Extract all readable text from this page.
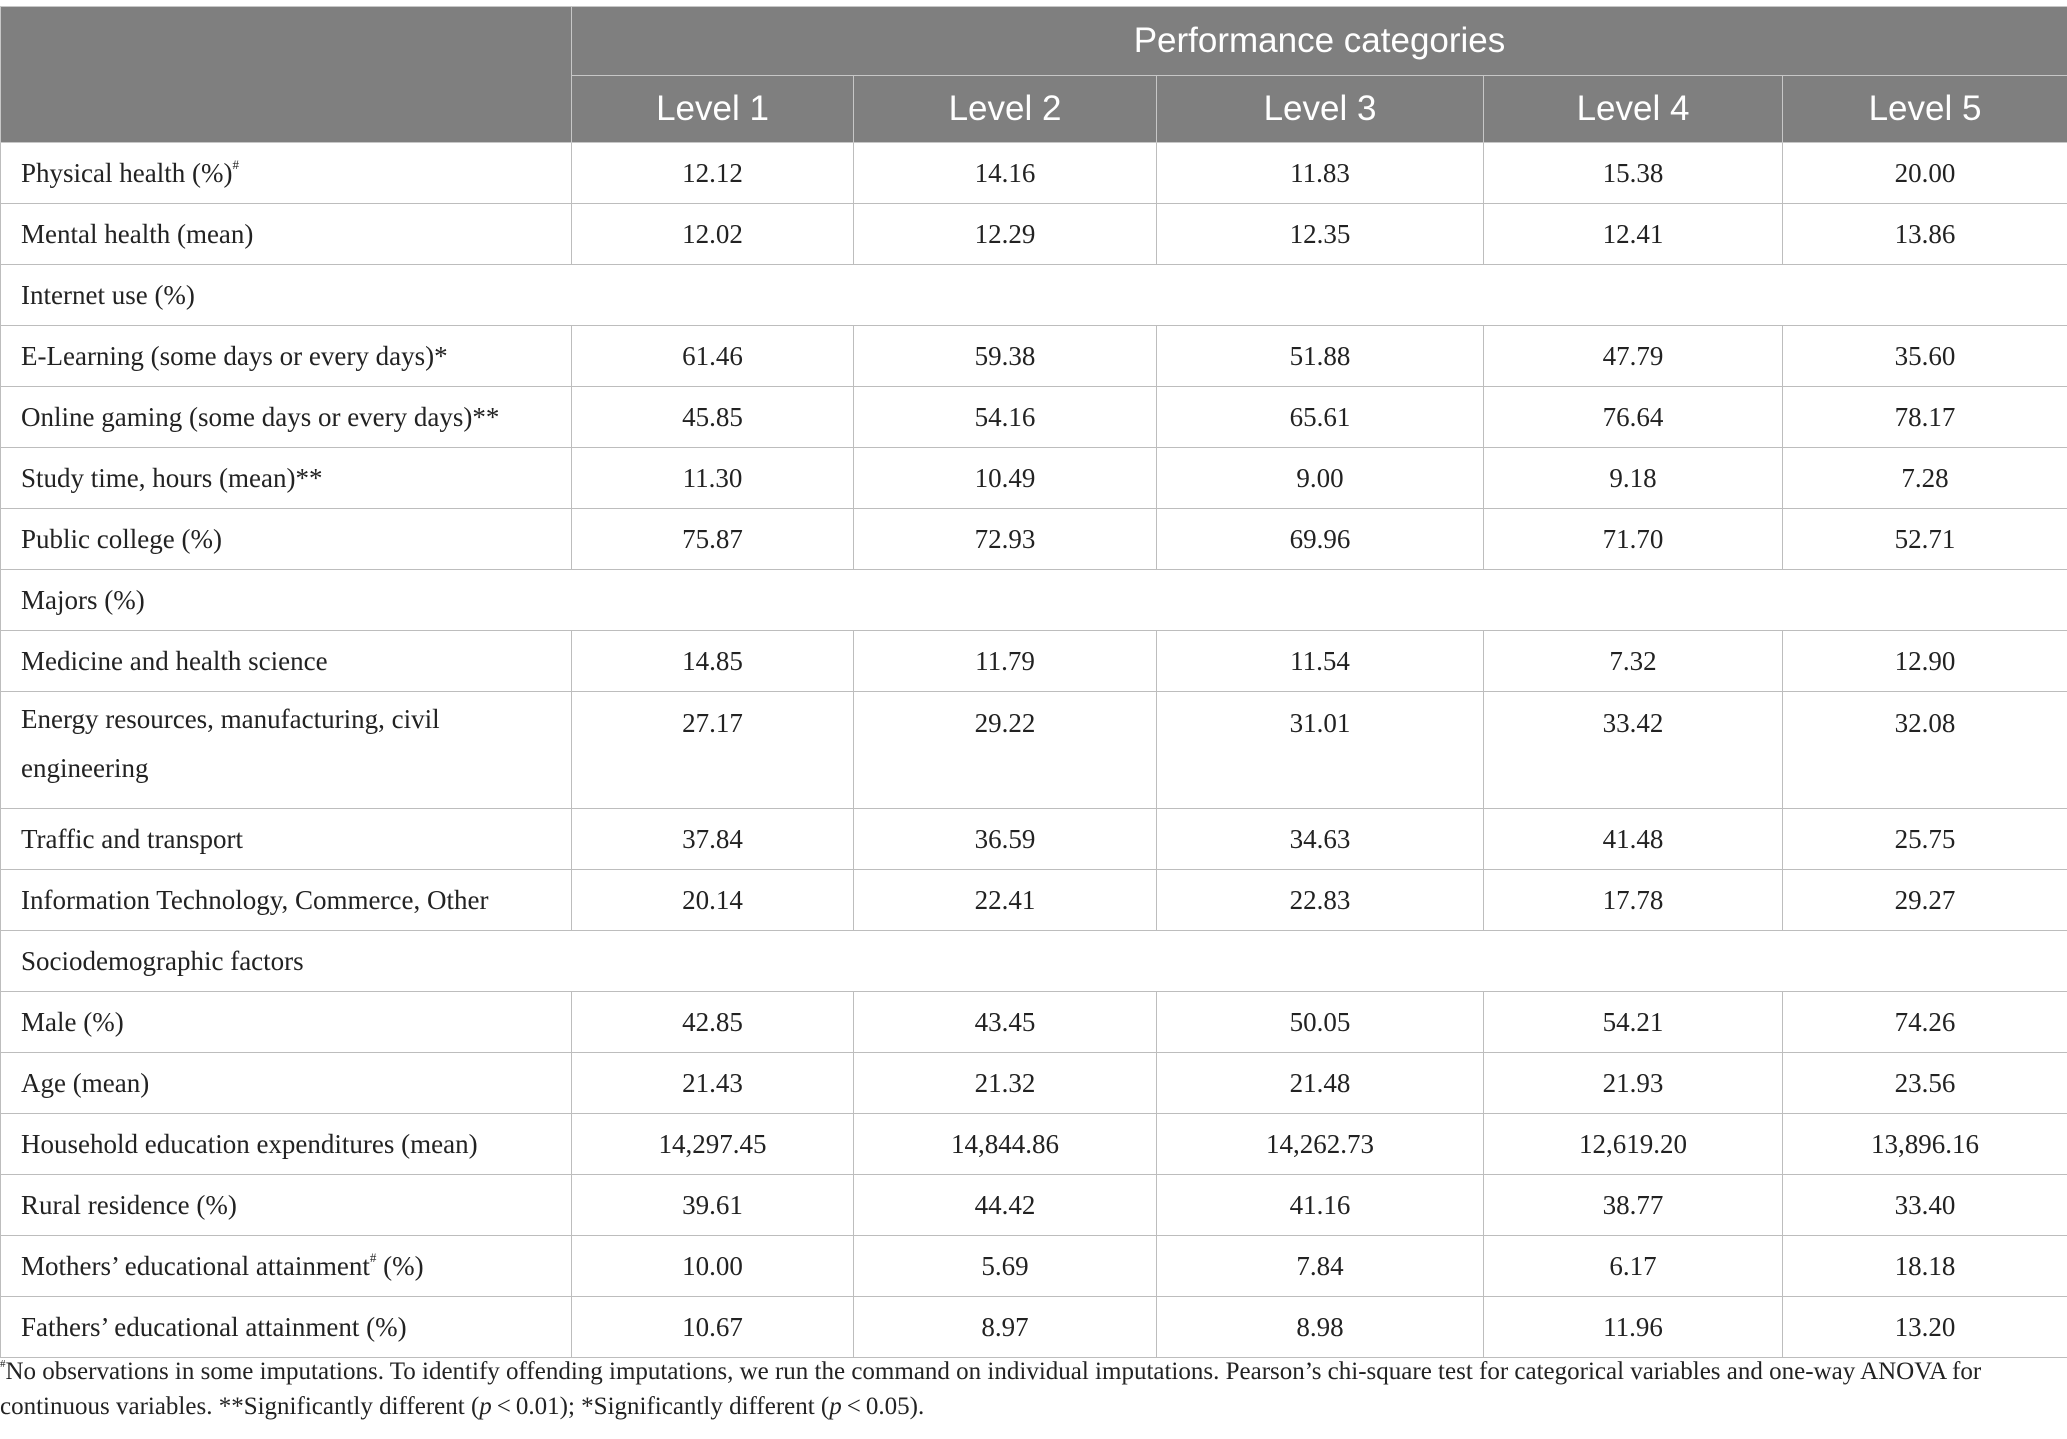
	Performance categories				
	Level 1	Level 2	Level 3	Level 4	Level 5
Physical health (%)#	12.12	14.16	11.83	15.38	20.00
Mental health (mean)	12.02	12.29	12.35	12.41	13.86
Internet use (%)					
E-Learning (some days or every days)*	61.46	59.38	51.88	47.79	35.60
Online gaming (some days or every days)**	45.85	54.16	65.61	76.64	78.17
Study time, hours (mean)**	11.30	10.49	9.00	9.18	7.28
Public college (%)	75.87	72.93	69.96	71.70	52.71
Majors (%)					
Medicine and health science	14.85	11.79	11.54	7.32	12.90
Energy resources, manufacturing, civil engineering	27.17	29.22	31.01	33.42	32.08
Traffic and transport	37.84	36.59	34.63	41.48	25.75
Information Technology, Commerce, Other	20.14	22.41	22.83	17.78	29.27
Sociodemographic factors					
Male (%)	42.85	43.45	50.05	54.21	74.26
Age (mean)	21.43	21.32	21.48	21.93	23.56
Household education expenditures (mean)	14,297.45	14,844.86	14,262.73	12,619.20	13,896.16
Rural residence (%)	39.61	44.42	41.16	38.77	33.40
Mothers’ educational attainment# (%)	10.00	5.69	7.84	6.17	18.18
Fathers’ educational attainment (%)	10.67	8.97	8.98	11.96	13.20
#No observations in some imputations. To identify offending imputations, we run the command on individual imputations. Pearson’s chi-square test for categorical variables and one-way ANOVA for continuous variables. **Significantly different (p < 0.01); *Significantly different (p < 0.05).
